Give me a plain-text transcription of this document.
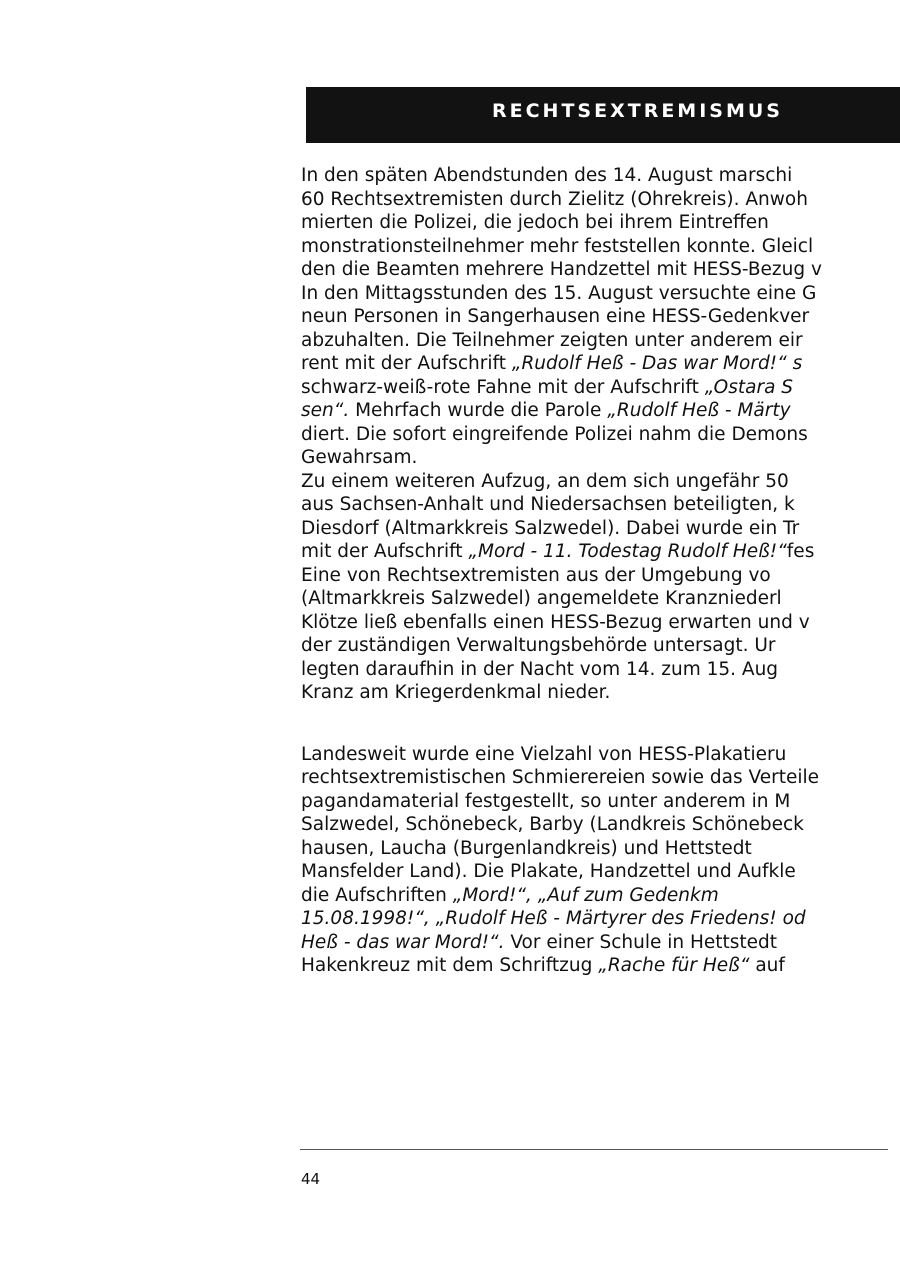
RECHTSEXTREMISMUS

In den späten Abendstunden des 14. August marschi
60 Rechtsextremisten durch Zielitz (Ohrekreis). Anwoh
mierten die Polizei, die jedoch bei ihrem Eintreffen
monstrationsteilnehmer mehr feststellen konnte. Gleicl
den die Beamten mehrere Handzettel mit HESS-Bezug v
In den Mittagsstunden des 15. August versuchte eine G
neun Personen in Sangerhausen eine HESS-Gedenkver
abzuhalten. Die Teilnehmer zeigten unter anderem eir
rent mit der Aufschrift „Rudolf Heß - Das war Mord!“ s
schwarz-weiß-rote Fahne mit der Aufschrift „Ostara S
sen“. Mehrfach wurde die Parole „Rudolf Heß - Märty
diert. Die sofort eingreifende Polizei nahm die Demons
Gewahrsam.

Zu einem weiteren Aufzug, an dem sich ungefähr 50
aus Sachsen-Anhalt und Niedersachsen beteiligten, k
Diesdorf (Altmarkkreis Salzwedel). Dabei wurde ein Tr
mit der Aufschrift „Mord - 11. Todestag Rudolf Heß!“fes

Eine von Rechtsextremisten aus der Umgebung vo
(Altmarkkreis Salzwedel) angemeldete Kranzniederl
Klötze ließ ebenfalls einen HESS-Bezug erwarten und v
der zuständigen Verwaltungsbehörde untersagt. Ur
legten daraufhin in der Nacht vom 14. zum 15. Aug
Kranz am Kriegerdenkmal nieder.

Landesweit wurde eine Vielzahl von HESS-Plakatieru
rechtsextremistischen Schmierereien sowie das Verteile
pagandamaterial festgestellt, so unter anderem in M
Salzwedel, Schönebeck, Barby (Landkreis Schönebeck
hausen, Laucha (Burgenlandkreis) und Hettstedt
Mansfelder Land). Die Plakate, Handzettel und Aufkle
die Aufschriften „Mord!“, „Auf zum Gedenkm
15.08.1998!“, „Rudolf Heß - Märtyrer des Friedens! od
Heß - das war Mord!“. Vor einer Schule in Hettstedt
Hakenkreuz mit dem Schriftzug „Rache für Heß“ auf

44
